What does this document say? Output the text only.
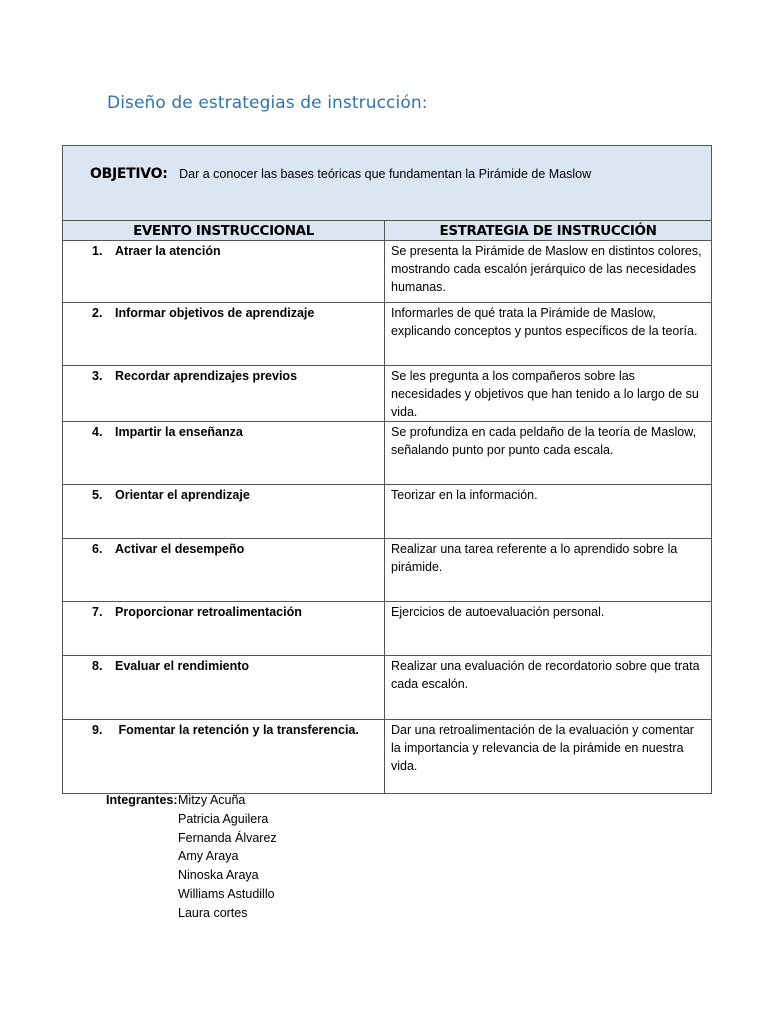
Diseño de estrategias de instrucción:
OBJETIVO: Dar a conocer las bases teóricas que fundamentan la Pirámide de Maslow
EVENTO INSTRUCCIONAL	ESTRATEGIA DE INSTRUCCIÓN

1. Atraer la atención	Se presenta la Pirámide de Maslow en distintos colores, mostrando cada escalón jerárquico de las necesidades humanas.

2. Informar objetivos de aprendizaje	Informarles de qué trata la Pirámide de Maslow, explicando conceptos y puntos específicos de la teoría.

3. Recordar aprendizajes previos	Se les pregunta a los compañeros sobre las necesidades y objetivos que han tenido a lo largo de su vida.

4. Impartir la enseñanza	Se profundiza en cada peldaño de la teoría de Maslow, señalando punto por punto cada escala.

5. Orientar el aprendizaje	Teorizar en la información.

6. Activar el desempeño	Realizar una tarea referente a lo aprendido sobre la pirámide.

7. Proporcionar retroalimentación	Ejercicios de autoevaluación personal.

8. Evaluar el rendimiento	Realizar una evaluación de recordatorio sobre que trata cada escalón.

9. Fomentar la retención y la transferencia.	Dar una retroalimentación de la evaluación y comentar la importancia y relevancia de la pirámide en nuestra vida.
Integrantes: Mitzy Acuña
Patricia Aguilera
Fernanda Álvarez
Amy Araya
Ninoska Araya
Williams Astudillo
Laura cortes
